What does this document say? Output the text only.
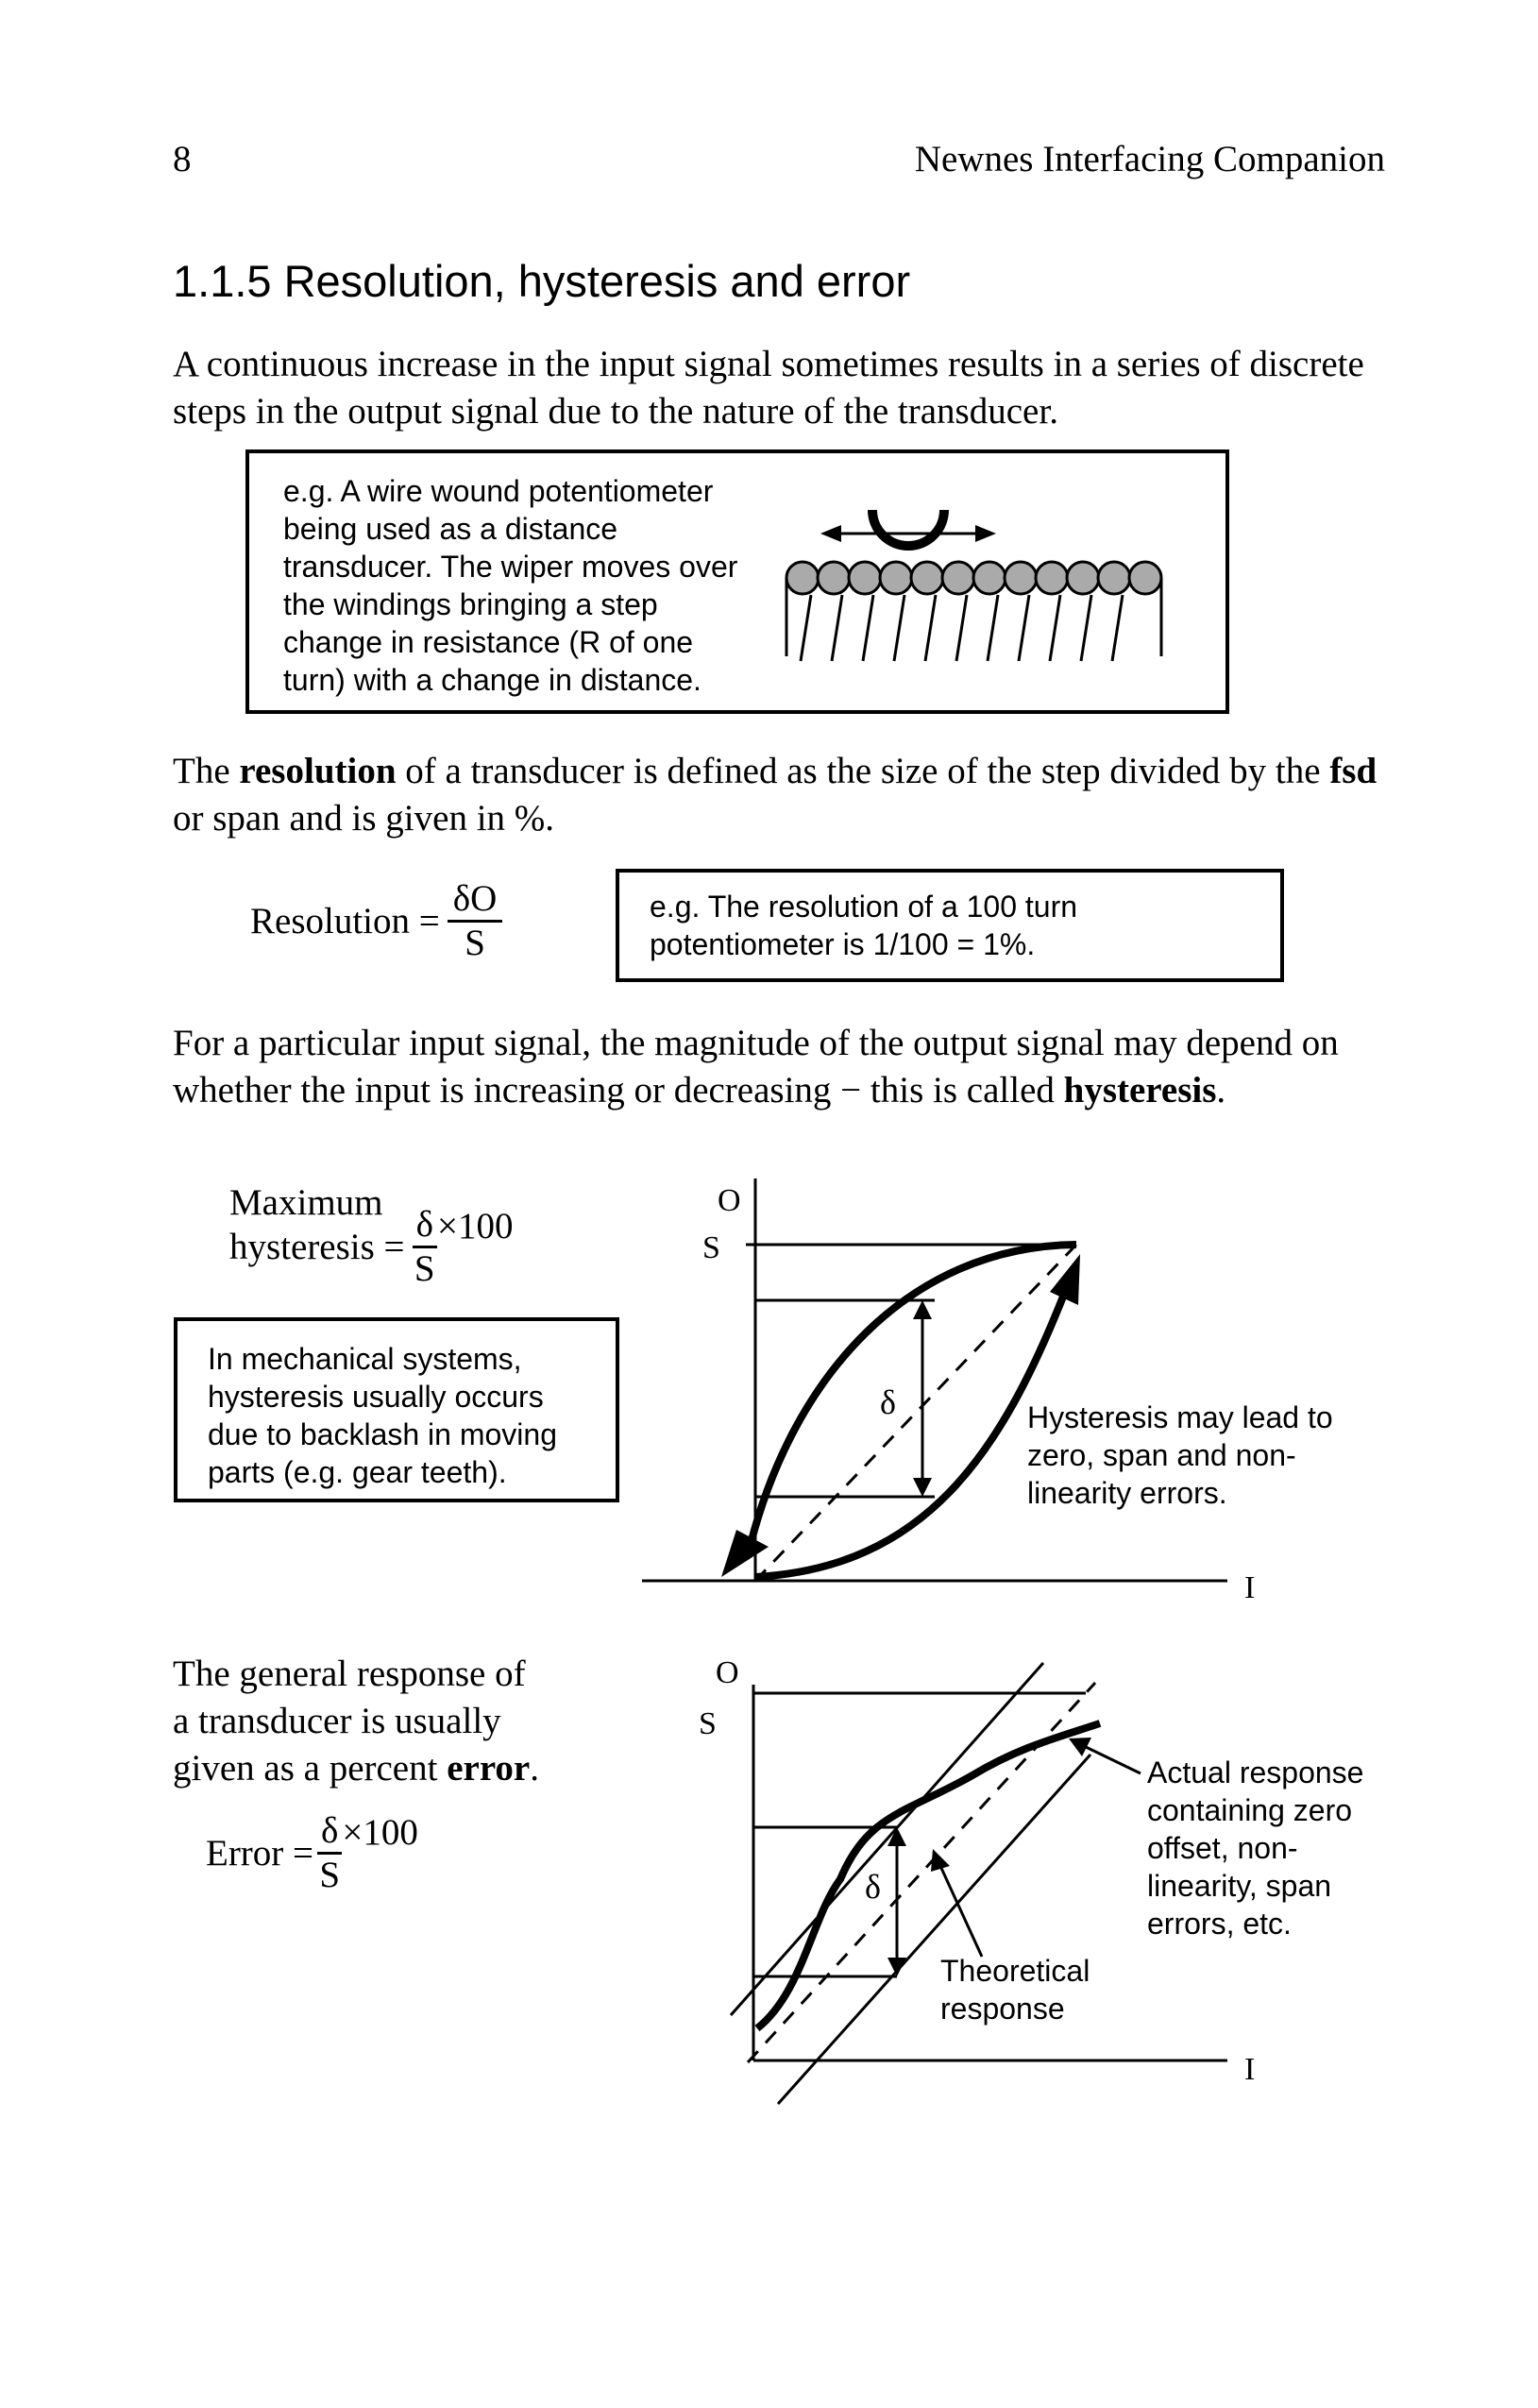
8	Newnes Interfacing Companion
1.1.5 Resolution, hysteresis and error

A continuous increase in the input signal sometimes results in a series of discrete steps in the output signal due to the nature of the transducer.

e.g. A wire wound potentiometer
being used as a distance
transducer. The wiper moves over
the windings bringing a step
change in resistance (R of one
turn) with a change in distance.

The resolution of a transducer is defined as the size of the step divided by the fsd or span and is given in %.

Resolution = $\frac{\delta O}{S}$	e.g. The resolution of a 100 turn
potentiometer is 1/100 = 1%.

For a particular input signal, the magnitude of the output signal may depend on whether the input is increasing or decreasing − this is called hysteresis.

Maximum
hysteresis = $\frac{\delta}{S} \times 100$
In mechanical systems,
hysteresis usually occurs
due to backlash in moving
parts (e.g. gear teeth).
O
S
I
δ	Hysteresis may lead to
zero, span and non-
linearity errors.

The general response of

a transducer is usually

given as a percent error.

Error = $\frac{\delta}{S} \times 100$
O
S
I
δ
Actual response
containing zero
offset, non-
linearity, span
errors, etc.
Theoretical
response
